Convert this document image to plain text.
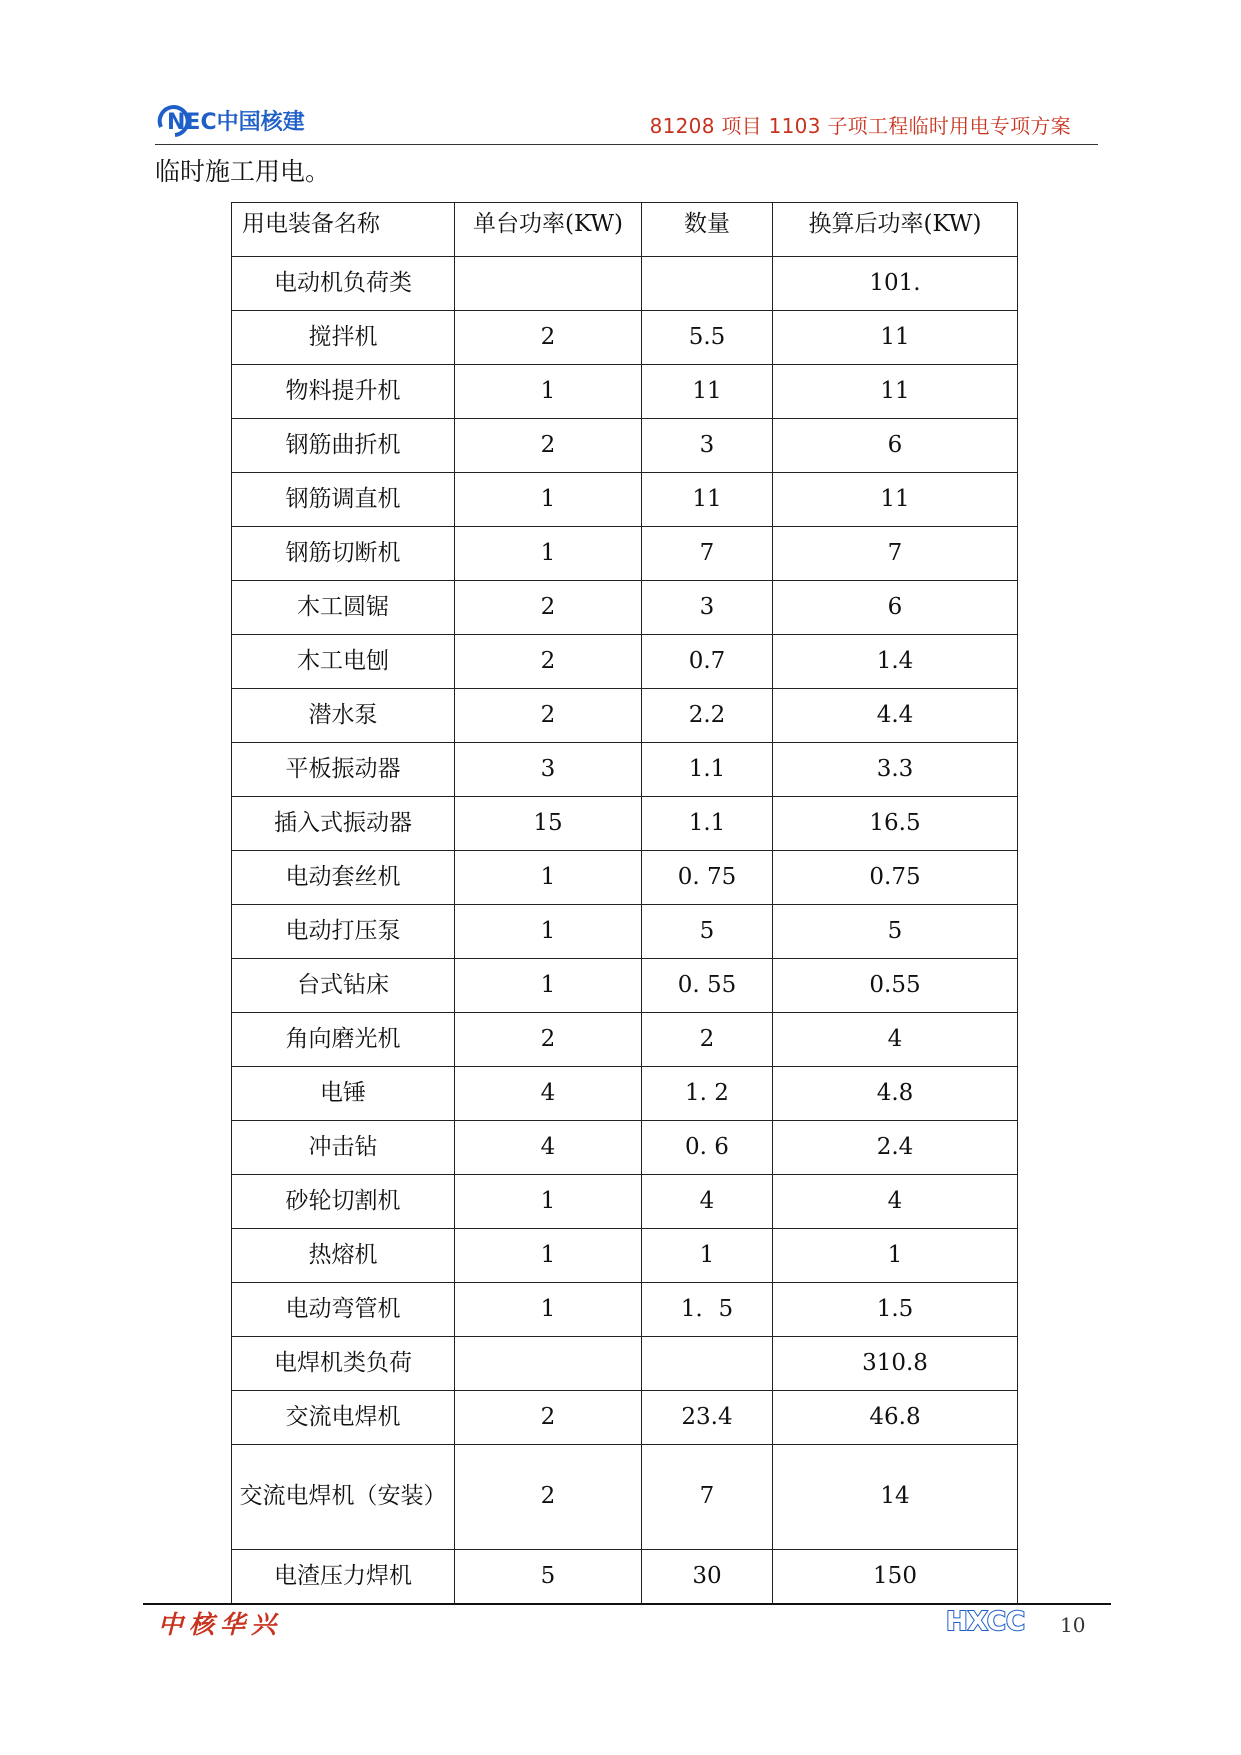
NEC中国核建	81208 项目 1103 子项工程临时用电专项方案
临时施工用电。
用电装备名称	单台功率(KW)	数量	换算后功率(KW)
电动机负荷类			101.
搅拌机	2	5.5	11
物料提升机	1	11	11
钢筋曲折机	2	3	6
钢筋调直机	1	11	11
钢筋切断机	1	7	7
木工圆锯	2	3	6
木工电刨	2	0.7	1.4
潜水泵	2	2.2	4.4
平板振动器	3	1.1	3.3
插入式振动器	15	1.1	16.5
电动套丝机	1	0. 75	0.75
电动打压泵	1	5	5
台式钻床	1	0. 55	0.55
角向磨光机	2	2	4
电锤	4	1. 2	4.8
冲击钻	4	0. 6	2.4
砂轮切割机	1	4	4
热熔机	1	1	1
电动弯管机	1	1．5	1.5
电焊机类负荷			310.8
交流电焊机	2	23.4	46.8
交流电焊机（安装）	2	7	14
电渣压力焊机	5	30	150
中核华兴	HXCC 10
